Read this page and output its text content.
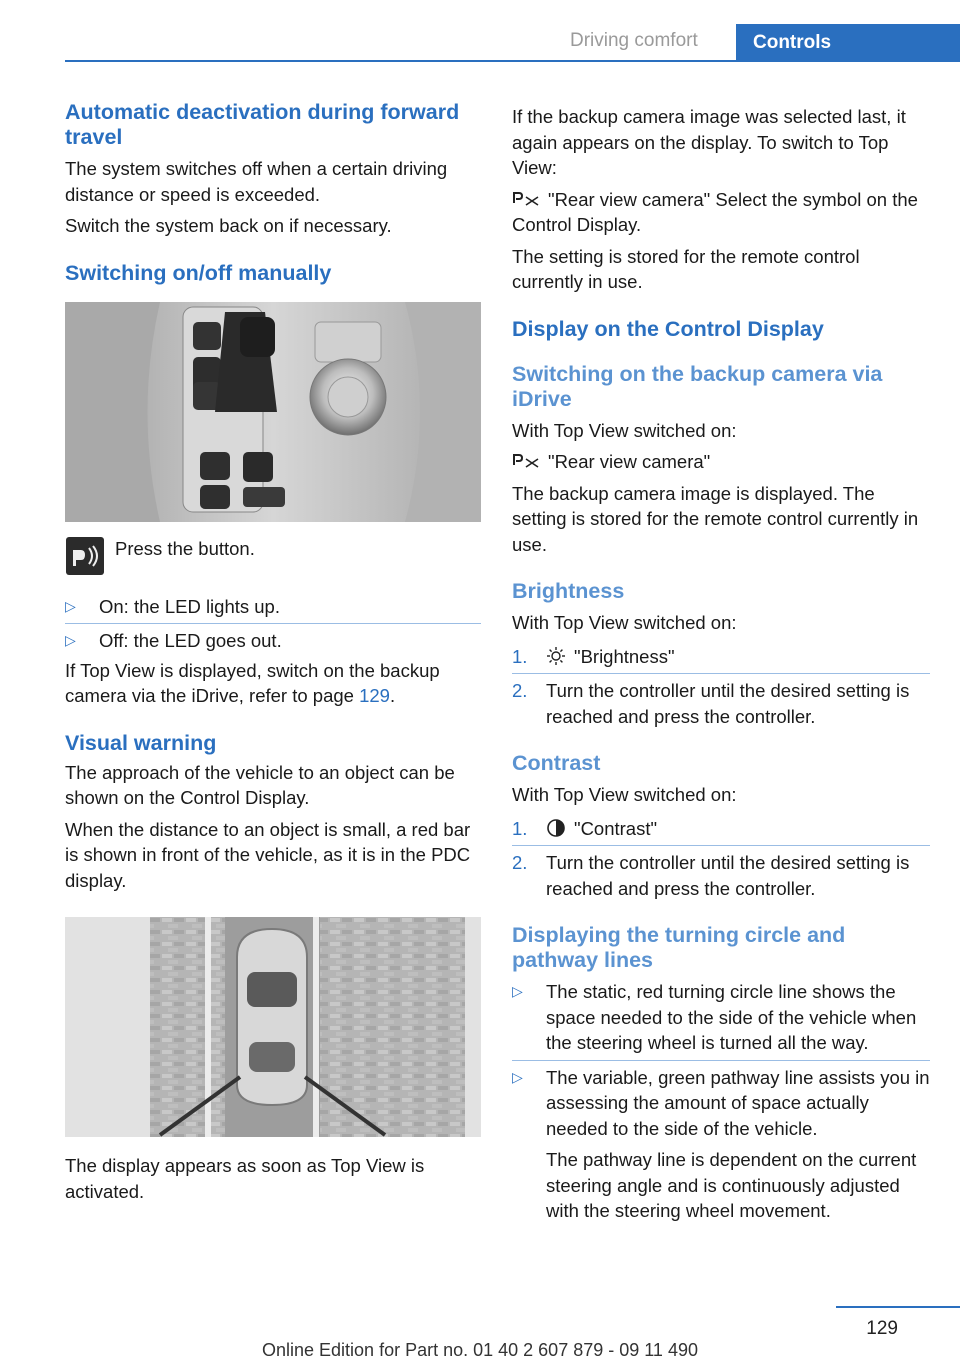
Driving comfort	Controls
Automatic deactivation during forward travel

The system switches off when a certain driving distance or speed is exceeded.

Switch the system back on if necessary.

Switching on/off manually
Press the button.
▷	On: the LED lights up.
▷	Off: the LED goes out.

If Top View is displayed, switch on the backup camera via the iDrive, refer to page 129.

Visual warning

The approach of the vehicle to an object can be shown on the Control Display.

When the distance to an object is small, a red bar is shown in front of the vehicle, as it is in the PDC display.

The display appears as soon as Top View is activated.

If the backup camera image was selected last, it again appears on the display. To switch to Top View:

"Rear view camera" Select the symbol on the Control Display.

The setting is stored for the remote control currently in use.

Display on the Control Display
Switching on the backup camera via iDrive

With Top View switched on:

"Rear view camera"

The backup camera image is displayed. The setting is stored for the remote control currently in use.

Brightness

With Top View switched on:

1.	"Brightness"
2.	Turn the controller until the desired setting is reached and press the controller.
Contrast

With Top View switched on:

1.	"Contrast"
2.	Turn the controller until the desired setting is reached and press the controller.
Displaying the turning circle and pathway lines
▷	The static, red turning circle line shows the space needed to the side of the vehicle when the steering wheel is turned all the way.
▷	The variable, green pathway line assists you in assessing the amount of space actually needed to the side of the vehicle.
The pathway line is dependent on the current steering angle and is continuously adjusted with the steering wheel movement.
129
Online Edition for Part no. 01 40 2 607 879 - 09 11 490
